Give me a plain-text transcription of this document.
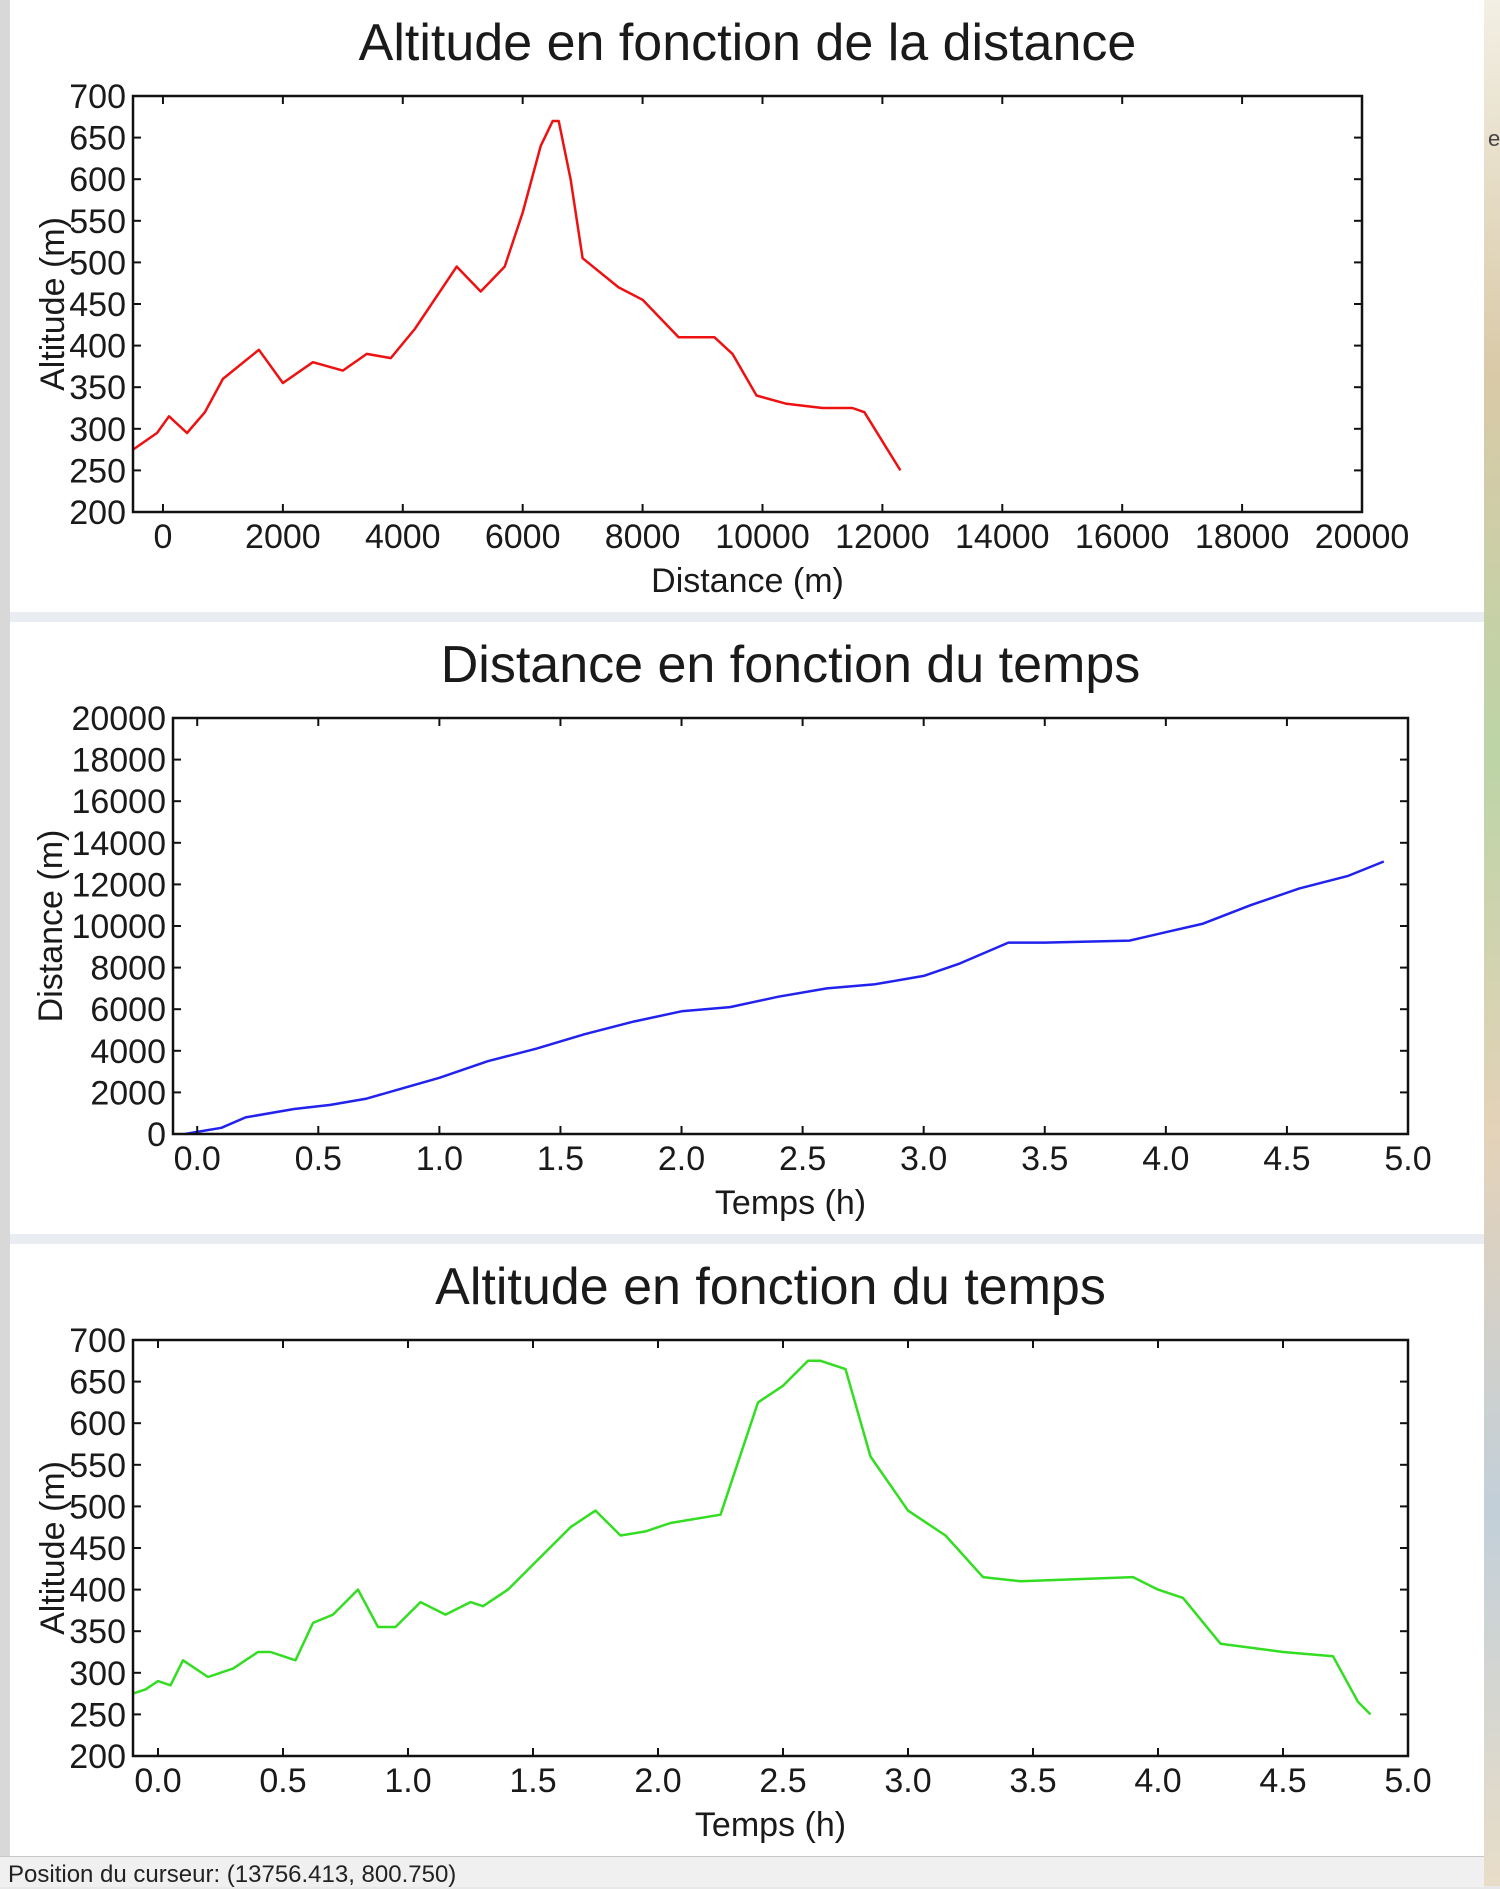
Altitude en fonction de la distance
0 2000 4000 6000 8000 10000 12000 14000 16000 18000 20000
200
250
300
350
400
450
500
550
600
650
700
Distance (m)
Altitude (m)
Distance en fonction du temps
0.0 0.5 1.0 1.5 2.0 2.5 3.0 3.5 4.0 4.5 5.0
0
2000
4000
6000
8000
10000
12000
14000
16000
18000
20000
Temps (h)
Distance (m)
Altitude en fonction du temps
0.0 0.5 1.0 1.5 2.0 2.5 3.0 3.5 4.0 4.5 5.0
200
250
300
350
400
450
500
550
600
650
700
Temps (h)
Altitude (m)
Position du curseur: (13756.413, 800.750)
e
